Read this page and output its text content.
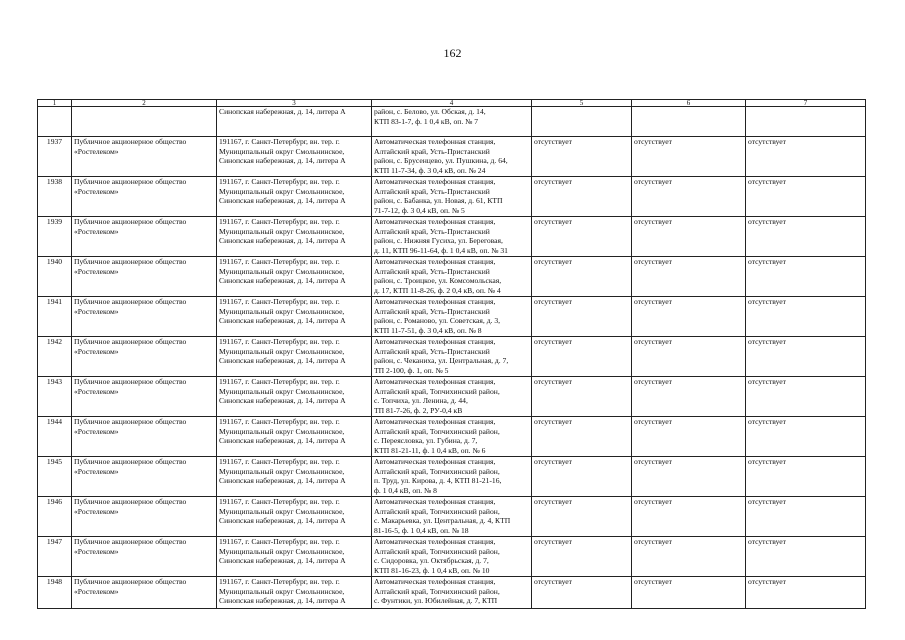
162
1	2	3	4	5	6	7

		Синопская набережная, д. 14, литера А	район, с. Белово, ул. Обская, д. 14,
КТП 83-1-7, ф. 1 0,4 кВ, оп. № 7			

1937	Публичное акционерное общество
«Ростелеком»	191167, г. Санкт-Петербург, вн. тер. г.
Муниципальный округ Смольнинское,
Синопская набережная, д. 14, литера А	Автоматическая телефонная станция,
Алтайский край, Усть-Пристанский
район, с. Брусенцево, ул. Пушкина, д. 64,
КТП 11-7-34, ф. 3 0,4 кВ, оп. № 24	отсутствует	отсутствует	отсутствует
1938	Публичное акционерное общество
«Ростелеком»	191167, г. Санкт-Петербург, вн. тер. г.
Муниципальный округ Смольнинское,
Синопская набережная, д. 14, литера А	Автоматическая телефонная станция,
Алтайский край, Усть-Пристанский
район, с. Бабанка, ул. Новая, д. 61, КТП
71-7-12, ф. 3 0,4 кВ, оп. № 5	отсутствует	отсутствует	отсутствует
1939	Публичное акционерное общество
«Ростелеком»	191167, г. Санкт-Петербург, вн. тер. г.
Муниципальный округ Смольнинское,
Синопская набережная, д. 14, литера А	Автоматическая телефонная станция,
Алтайский край, Усть-Пристанский
район, с. Нижняя Гусиха, ул. Береговая,
д. 11, КТП 96-11-64, ф. 1 0,4 кВ, оп. № 31	отсутствует	отсутствует	отсутствует
1940	Публичное акционерное общество
«Ростелеком»	191167, г. Санкт-Петербург, вн. тер. г.
Муниципальный округ Смольнинское,
Синопская набережная, д. 14, литера А	Автоматическая телефонная станция,
Алтайский край, Усть-Пристанский
район, с. Троицкое, ул. Комсомольская,
д. 17, КТП 11-8-26, ф. 2 0,4 кВ, оп. № 4	отсутствует	отсутствует	отсутствует
1941	Публичное акционерное общество
«Ростелеком»	191167, г. Санкт-Петербург, вн. тер. г.
Муниципальный округ Смольнинское,
Синопская набережная, д. 14, литера А	Автоматическая телефонная станция,
Алтайский край, Усть-Пристанский
район, с. Романово, ул. Советская, д. 3,
КТП 11-7-51, ф. 3 0,4 кВ, оп. № 8	отсутствует	отсутствует	отсутствует
1942	Публичное акционерное общество
«Ростелеком»	191167, г. Санкт-Петербург, вн. тер. г.
Муниципальный округ Смольнинское,
Синопская набережная, д. 14, литера А	Автоматическая телефонная станция,
Алтайский край, Усть-Пристанский
район, с. Чеканиха, ул. Центральная, д. 7,
ТП 2-100, ф. 1, оп. № 5	отсутствует	отсутствует	отсутствует
1943	Публичное акционерное общество
«Ростелеком»	191167, г. Санкт-Петербург, вн. тер. г.
Муниципальный округ Смольнинское,
Синопская набережная, д. 14, литера А	Автоматическая телефонная станция,
Алтайский край, Топчихинский район,
с. Топчиха, ул. Ленина, д. 44,
ТП 81-7-26, ф. 2, РУ-0,4 кВ	отсутствует	отсутствует	отсутствует
1944	Публичное акционерное общество
«Ростелеком»	191167, г. Санкт-Петербург, вн. тер. г.
Муниципальный округ Смольнинское,
Синопская набережная, д. 14, литера А	Автоматическая телефонная станция,
Алтайский край, Топчихинский район,
с. Переясловка, ул. Губина, д. 7,
КТП 81-21-11, ф. 1 0,4 кВ, оп. № 6	отсутствует	отсутствует	отсутствует
1945	Публичное акционерное общество
«Ростелеком»	191167, г. Санкт-Петербург, вн. тер. г.
Муниципальный округ Смольнинское,
Синопская набережная, д. 14, литера А	Автоматическая телефонная станция,
Алтайский край, Топчихинский район,
п. Труд, ул. Кирова, д. 4, КТП 81-21-16,
ф. 1 0,4 кВ, оп. № 8	отсутствует	отсутствует	отсутствует
1946	Публичное акционерное общество
«Ростелеком»	191167, г. Санкт-Петербург, вн. тер. г.
Муниципальный округ Смольнинское,
Синопская набережная, д. 14, литера А	Автоматическая телефонная станция,
Алтайский край, Топчихинский район,
с. Макарьевка, ул. Центральная, д. 4, КТП
81-16-5, ф. 1 0,4 кВ, оп. № 18	отсутствует	отсутствует	отсутствует
1947	Публичное акционерное общество
«Ростелеком»	191167, г. Санкт-Петербург, вн. тер. г.
Муниципальный округ Смольнинское,
Синопская набережная, д. 14, литера А	Автоматическая телефонная станция,
Алтайский край, Топчихинский район,
с. Сидоровка, ул. Октябрьская, д. 7,
КТП 81-16-23, ф. 1 0,4 кВ, оп. № 10	отсутствует	отсутствует	отсутствует
1948	Публичное акционерное общество
«Ростелеком»	191167, г. Санкт-Петербург, вн. тер. г.
Муниципальный округ Смольнинское,
Синопская набережная, д. 14, литера А	Автоматическая телефонная станция,
Алтайский край, Топчихинский район,
с. Фунтики, ул. Юбилейная, д. 7, КТП	отсутствует	отсутствует	отсутствует
